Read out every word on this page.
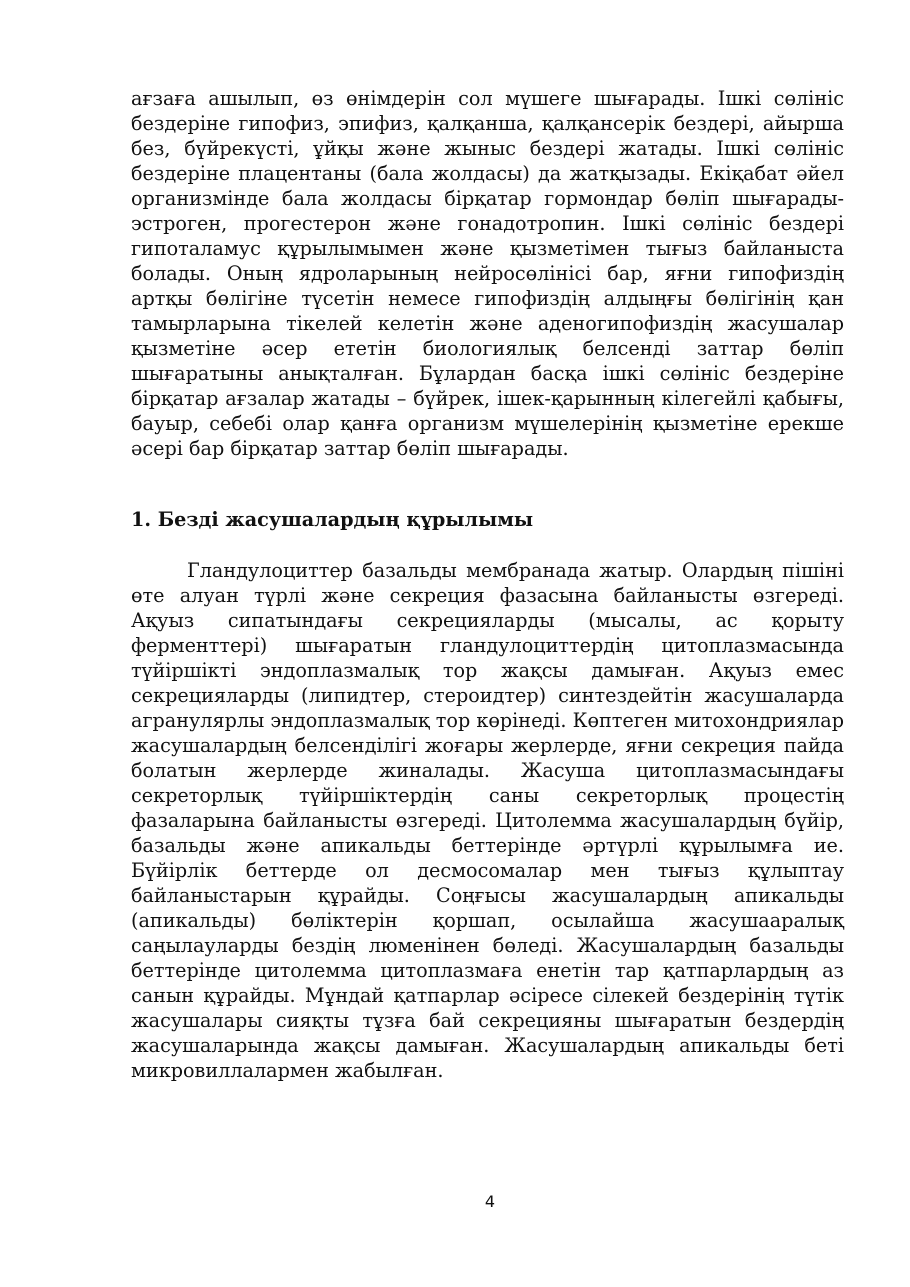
ағзаға ашылып, өз өнімдерін сол мүшеге шығарады. Ішкі сөлініс бездеріне гипофиз, эпифиз, қалқанша, қалқансерік бездері, айырша без, бүйрекүсті, ұйқы және жыныс бездері жатады. Ішкі сөлініс бездеріне плацентаны (бала жолдасы) да жатқызады. Екіқабат әйел организмінде бала жолдасы бірқатар гормондар бөліп шығарады-эстроген, прогестерон және гонадотропин. Ішкі сөлініс бездері гипоталамус құрылымымен және қызметімен тығыз байланыста болады. Оның ядроларының нейросөлінісі бар, яғни гипофиздің артқы бөлігіне түсетін немесе гипофиздің алдыңғы бөлігінің қан тамырларына тікелей келетін және аденогипофиздің жасушалар қызметіне әсер ететін биологиялық белсенді заттар бөліп шығаратыны анықталған. Бұлардан басқа ішкі сөлініс бездеріне бірқатар ағзалар жатады – бүйрек, ішек-қарынның кілегейлі қабығы, бауыр, себебі олар қанға организм мүшелерінің қызметіне ерекше әсері бар бірқатар заттар бөліп шығарады.

1. Безді жасушалардың құрылымы

Гландулоциттер базальды мембранада жатыр. Олардың пішіні өте алуан түрлі және секреция фазасына байланысты өзгереді. Ақуыз сипатындағы секрецияларды (мысалы, ас қорыту ферменттері) шығаратын гландулоциттердің цитоплазмасында түйіршікті эндоплазмалық тор жақсы дамыған. Ақуыз емес секрецияларды (липидтер, стероидтер) синтездейтін жасушаларда агранулярлы эндоплазмалық тор көрінеді. Көптеген митохондриялар жасушалардың белсенділігі жоғары жерлерде, яғни секреция пайда болатын жерлерде жиналады. Жасуша цитоплазмасындағы секреторлық түйіршіктердің саны секреторлық процестің фазаларына байланысты өзгереді. Цитолемма жасушалардың бүйір, базальды және апикальды беттерінде әртүрлі құрылымға ие. Бүйірлік беттерде ол десмосомалар мен тығыз құлыптау байланыстарын құрайды. Соңғысы жасушалардың апикальды (апикальды) бөліктерін қоршап, осылайша жасушааралық саңылауларды бездің люменінен бөледі. Жасушалардың базальды беттерінде цитолемма цитоплазмаға енетін тар қатпарлардың аз санын құрайды. Мұндай қатпарлар әсіресе сілекей бездерінің түтік жасушалары сияқты тұзға бай секрецияны шығаратын бездердің жасушаларында жақсы дамыған. Жасушалардың апикальды беті микровиллалармен жабылған.

4
